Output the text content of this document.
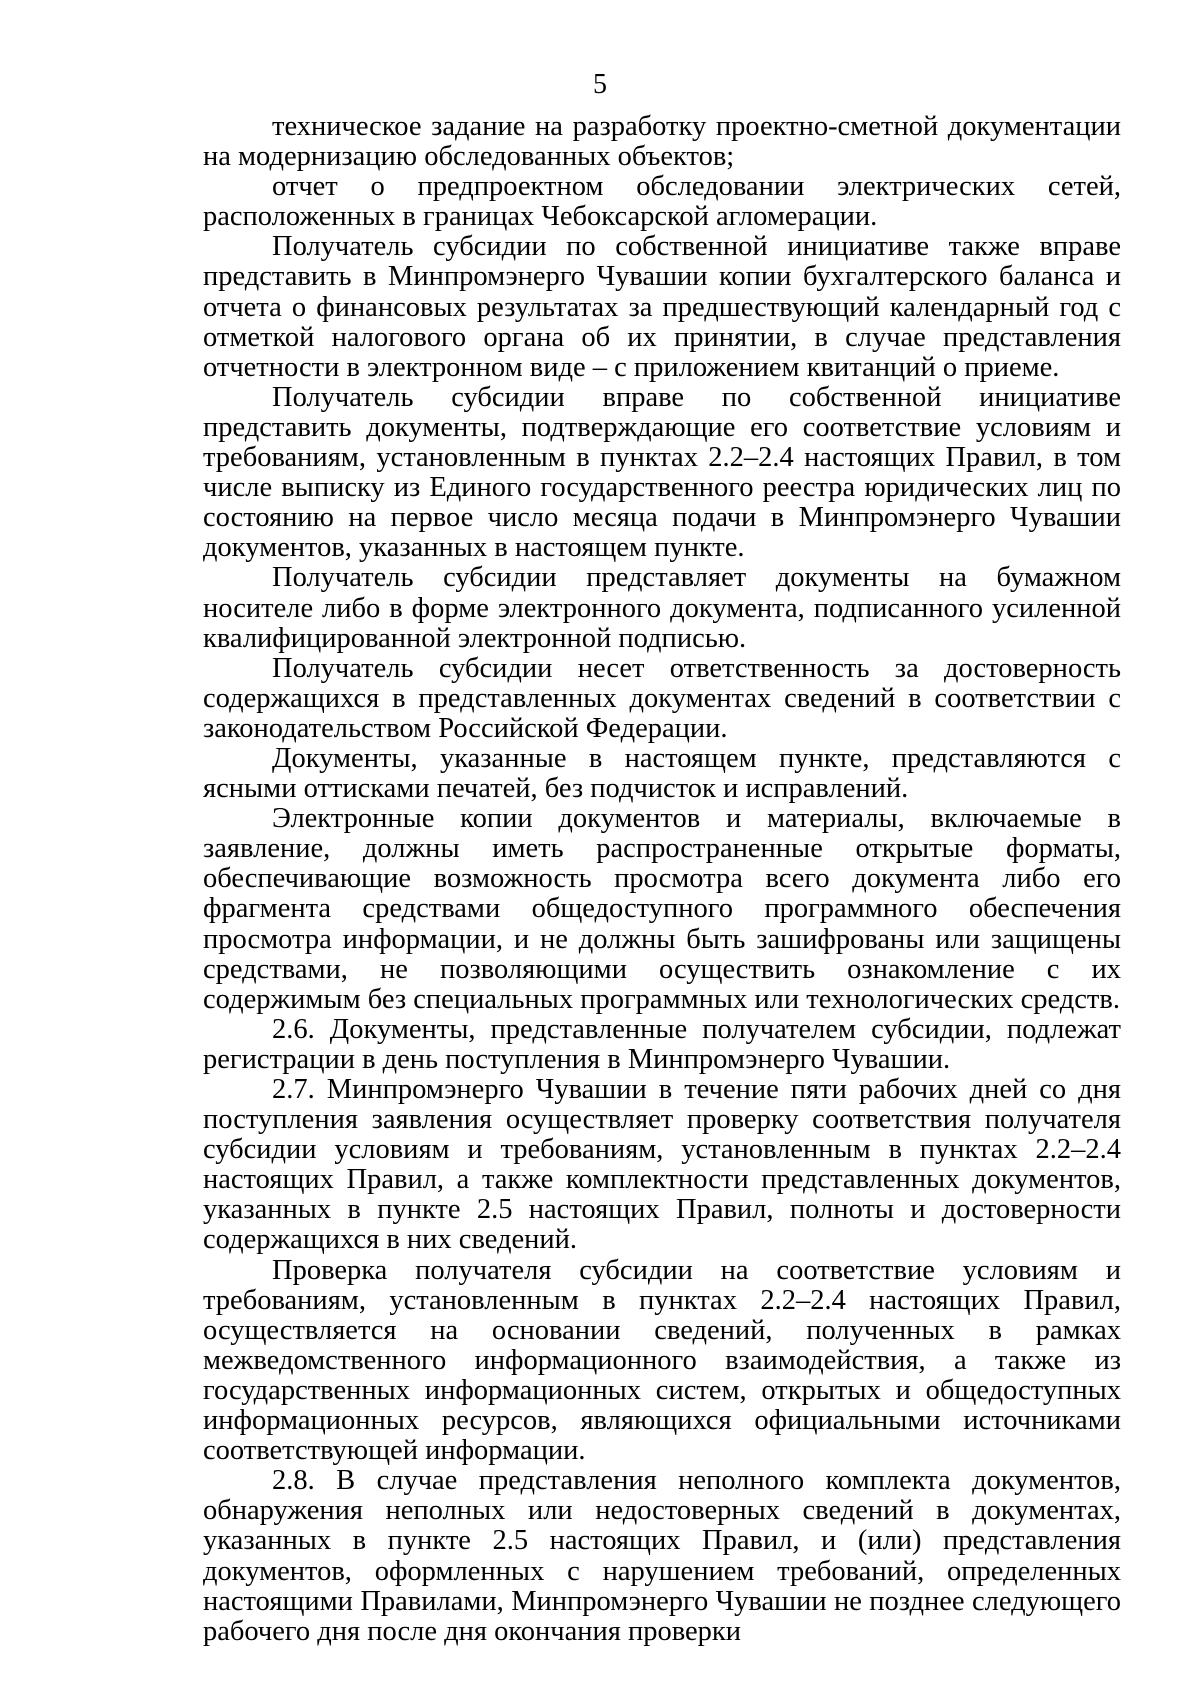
5

техническое задание на разработку проектно-сметной документации на модернизацию обследованных объектов;

отчет о предпроектном обследовании электрических сетей, расположенных в границах Чебоксарской агломерации.

Получатель субсидии по собственной инициативе также вправе представить в Минпромэнерго Чувашии копии бухгалтерского баланса и отчета о финансовых результатах за предшествующий календарный год с отметкой налогового органа об их принятии, в случае представления отчетности в электронном виде – с приложением квитанций о приеме.

Получатель субсидии вправе по собственной инициативе представить документы, подтверждающие его соответствие условиям и требованиям, установленным в пунктах 2.2–2.4 настоящих Правил, в том числе выписку из Единого государственного реестра юридических лиц по состоянию на первое число месяца подачи в Минпромэнерго Чувашии документов, указанных в настоящем пункте.

Получатель субсидии представляет документы на бумажном носителе либо в форме электронного документа, подписанного усиленной квалифицированной электронной подписью.

Получатель субсидии несет ответственность за достоверность содержащихся в представленных документах сведений в соответствии с законодательством Российской Федерации.

Документы, указанные в настоящем пункте, представляются с ясными оттисками печатей, без подчисток и исправлений.

Электронные копии документов и материалы, включаемые в заявление, должны иметь распространенные открытые форматы, обеспечивающие возможность просмотра всего документа либо его фрагмента средствами общедоступного программного обеспечения просмотра информации, и не должны быть зашифрованы или защищены средствами, не позволяющими осуществить ознакомление с их содержимым без специальных программных или технологических средств.

2.6. Документы, представленные получателем субсидии, подлежат регистрации в день поступления в Минпромэнерго Чувашии.

2.7. Минпромэнерго Чувашии в течение пяти рабочих дней со дня поступления заявления осуществляет проверку соответствия получателя субсидии условиям и требованиям, установленным в пунктах 2.2–2.4 настоящих Правил, а также комплектности представленных документов, указанных в пункте 2.5 настоящих Правил, полноты и достоверности содержащихся в них сведений.

Проверка получателя субсидии на соответствие условиям и требованиям, установленным в пунктах 2.2–2.4 настоящих Правил, осуществляется на основании сведений, полученных в рамках межведомственного информационного взаимодействия, а также из государственных информационных систем, открытых и общедоступных информационных ресурсов, являющихся официальными источниками соответствующей информации.

2.8. В случае представления неполного комплекта документов, обнаружения неполных или недостоверных сведений в документах, указанных в пункте 2.5 настоящих Правил, и (или) представления документов, оформленных с нарушением требований, определенных настоящими Правилами, Минпромэнерго Чувашии не позднее следующего рабочего дня после дня окончания проверки
